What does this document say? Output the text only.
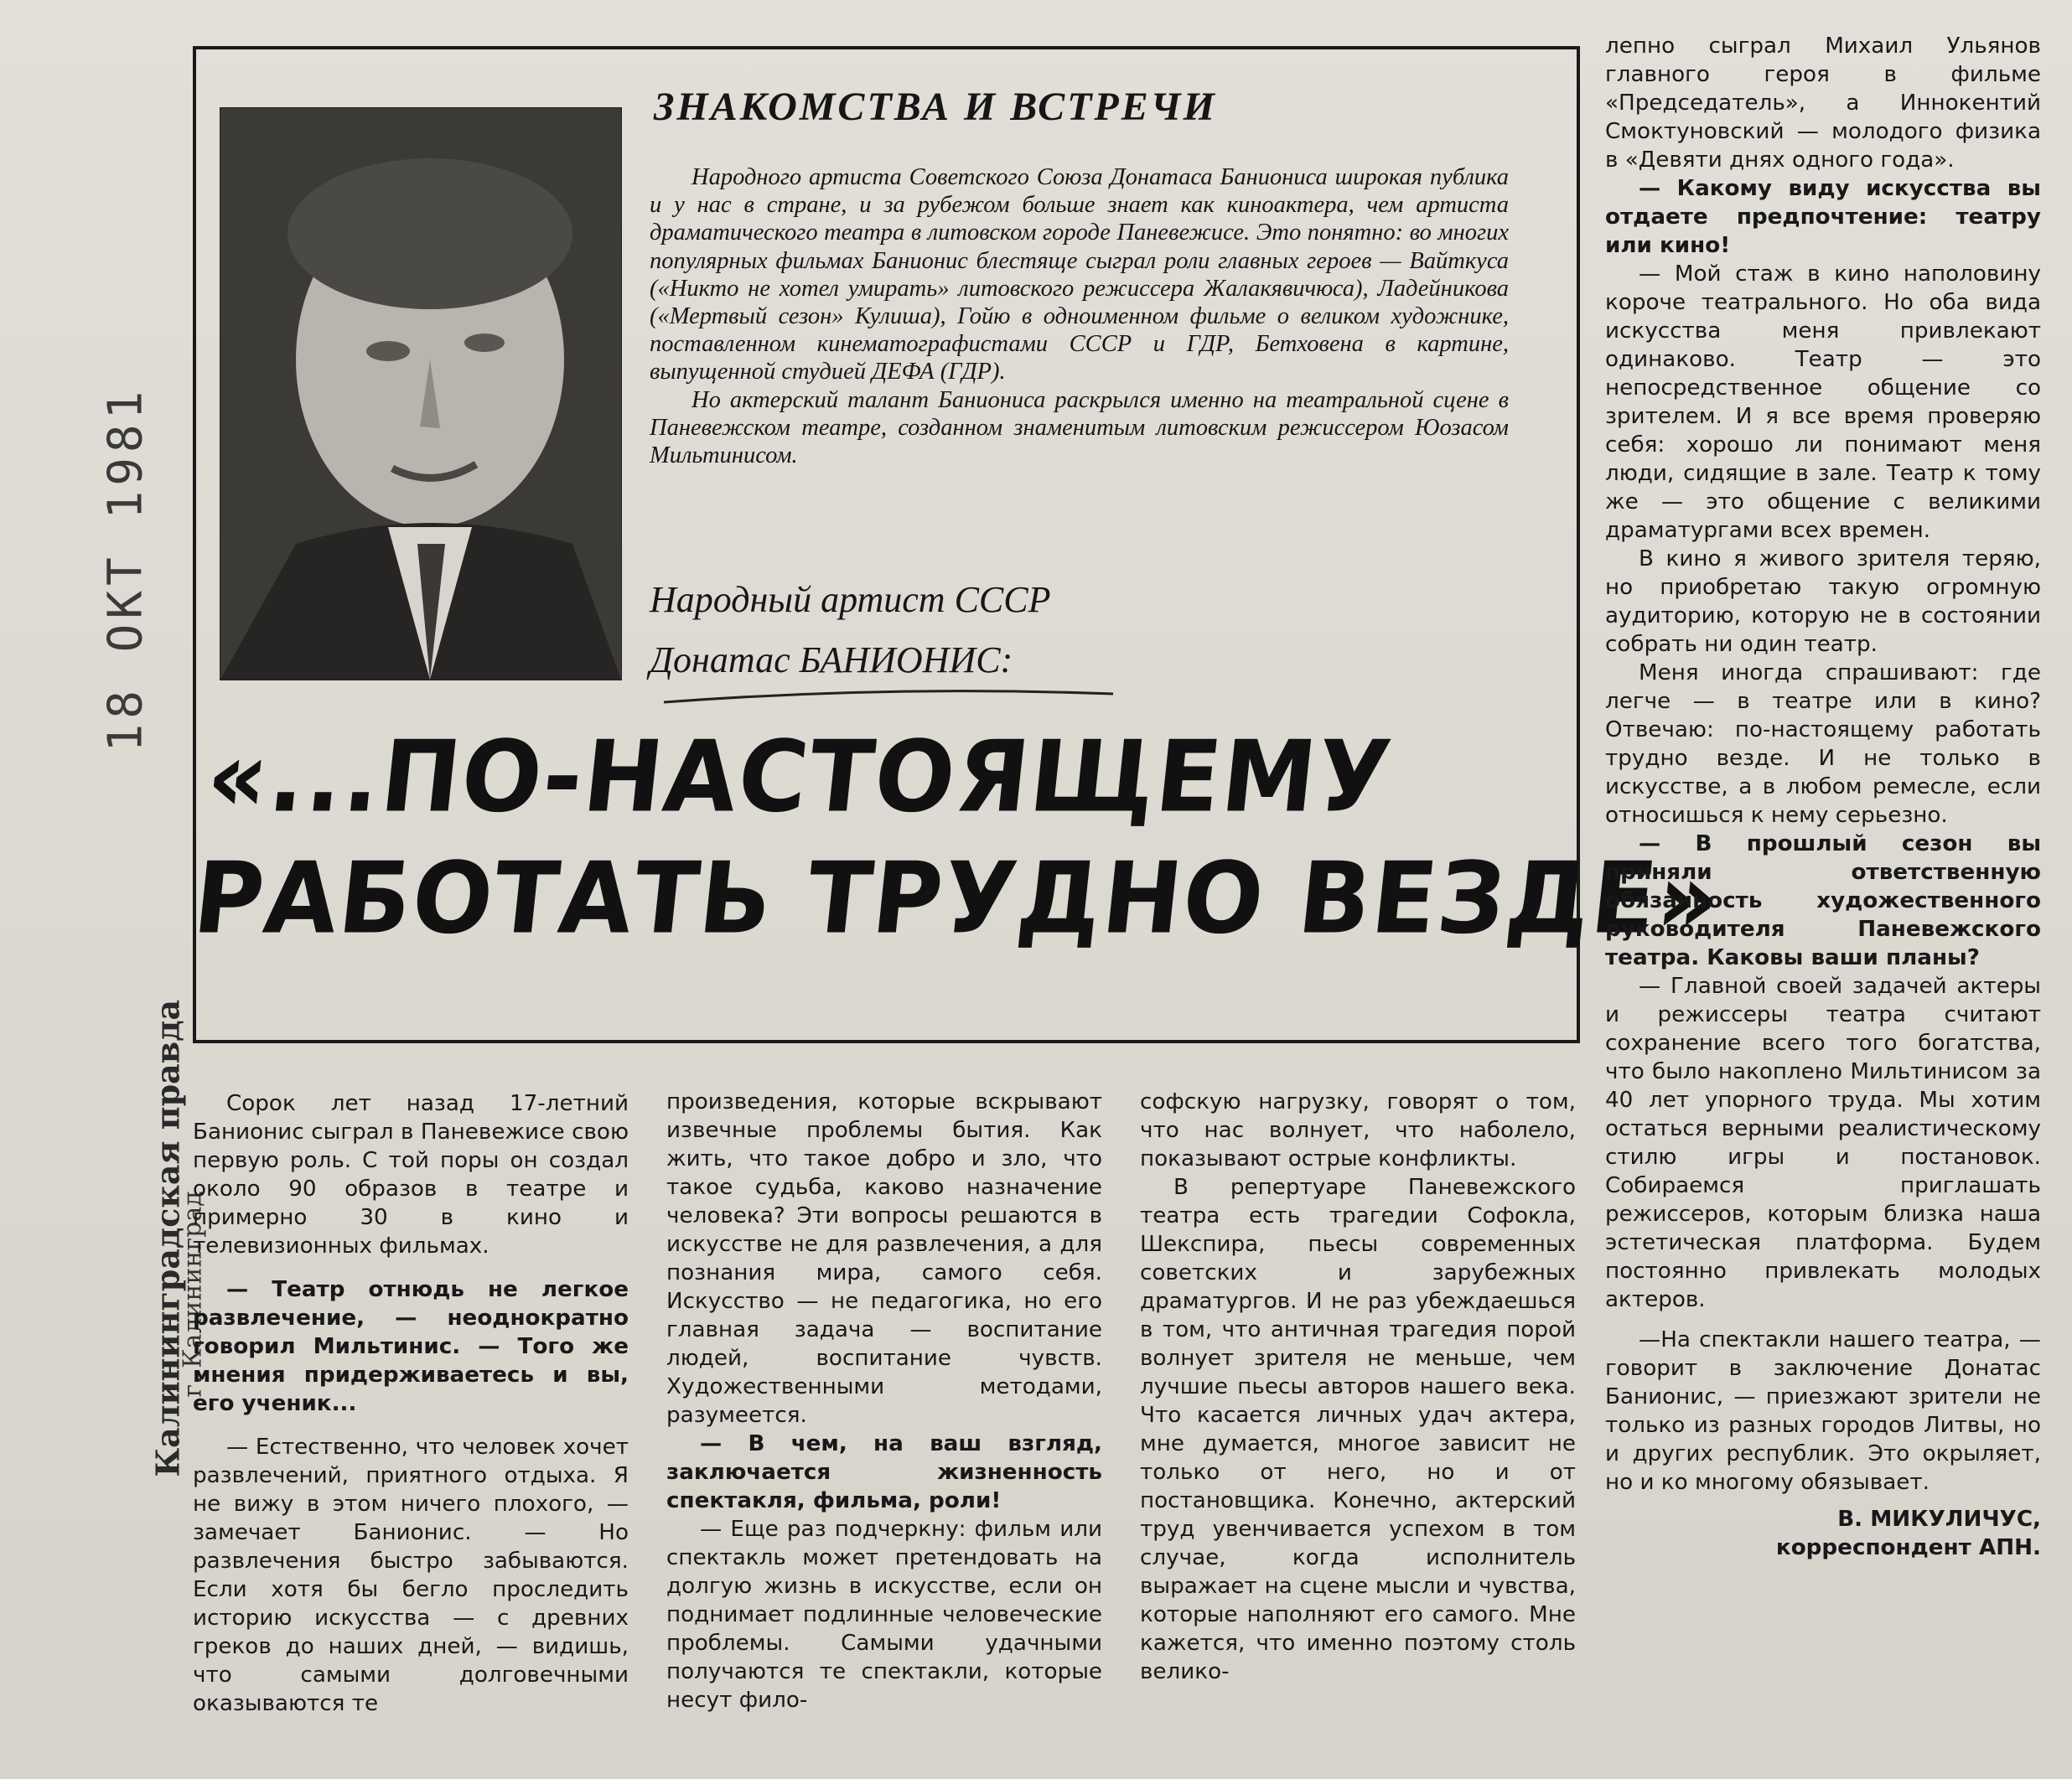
18 ОКТ 1981
Калининградская правда
г. Калининград
ЗНАКОМСТВА И ВСТРЕЧИ

Народного артиста Советского Союза Донатаса Баниониса широкая публика и у нас в стране, и за рубежом больше знает как киноактера, чем артиста драматического театра в литовском городе Паневежисе. Это понятно: во многих популярных фильмах Банионис блестяще сыграл роли главных героев — Вайткуса («Никто не хотел умирать» литовского режиссера Жалакявичюса), Ладейникова («Мертвый сезон» Кулиша), Гойю в одноименном фильме о великом художнике, поставленном кинематографистами СССР и ГДР, Бетховена в картине, выпущенной студией ДЕФА (ГДР).

Но актерский талант Баниониса раскрылся именно на театральной сцене в Паневежском театре, созданном знаменитым литовским режиссером Юозасом Мильтинисом.

Народный артист СССР
Донатас БАНИОНИС:
«...ПО-НАСТОЯЩЕМУ
РАБОТАТЬ ТРУДНО ВЕЗДЕ»

Сорок лет назад 17-летний Банионис сыграл в Паневежисе свою первую роль. С той поры он создал около 90 образов в театре и примерно 30 в кино и телевизионных фильмах.

— Театр отнюдь не легкое развлечение, — неоднократно говорил Мильтинис. — Того же мнения придерживаетесь и вы, его ученик...

— Естественно, что человек хочет развлечений, приятного отдыха. Я не вижу в этом ничего плохого, — замечает Банионис. — Но развлечения быстро забываются. Если хотя бы бегло проследить историю искусства — с древних греков до наших дней, — видишь, что самыми долговечными оказываются те

произведения, которые вскрывают извечные проблемы бытия. Как жить, что такое добро и зло, что такое судьба, каково назначение человека? Эти вопросы решаются в искусстве не для развлечения, а для познания мира, самого себя. Искусство — не педагогика, но его главная задача — воспитание людей, воспитание чувств. Художественными методами, разумеется.

— В чем, на ваш взгляд, заключается жизненность спектакля, фильма, роли!

— Еще раз подчеркну: фильм или спектакль может претендовать на долгую жизнь в искусстве, если он поднимает подлинные человеческие проблемы. Самыми удачными получаются те спектакли, которые несут фило-

софскую нагрузку, говорят о том, что нас волнует, что наболело, показывают острые конфликты.

В репертуаре Паневежского театра есть трагедии Софокла, Шекспира, пьесы современных советских и зарубежных драматургов. И не раз убеждаешься в том, что античная трагедия порой волнует зрителя не меньше, чем лучшие пьесы авторов нашего века. Что касается личных удач актера, мне думается, многое зависит не только от него, но и от постановщика. Конечно, актерский труд увенчивается успехом в том случае, когда исполнитель выражает на сцене мысли и чувства, которые наполняют его самого. Мне кажется, что именно поэтому столь велико-

лепно сыграл Михаил Ульянов главного героя в фильме «Председатель», а Иннокентий Смоктуновский — молодого физика в «Девяти днях одного года».

— Какому виду искусства вы отдаете предпочтение: театру или кино!

— Мой стаж в кино наполовину короче театрального. Но оба вида искусства меня привлекают одинаково. Театр — это непосредственное общение со зрителем. И я все время проверяю себя: хорошо ли понимают меня люди, сидящие в зале. Театр к тому же — это общение с великими драматургами всех времен.

В кино я живого зрителя теряю, но приобретаю такую огромную аудиторию, которую не в состоянии собрать ни один театр.

Меня иногда спрашивают: где легче — в театре или в кино? Отвечаю: по-настоящему работать трудно везде. И не только в искусстве, а в любом ремесле, если относишься к нему серьезно.

— В прошлый сезон вы приняли ответственную обязанность художественного руководителя Паневежского театра. Каковы ваши планы?

— Главной своей задачей актеры и режиссеры театра считают сохранение всего того богатства, что было накоплено Мильтинисом за 40 лет упорного труда. Мы хотим остаться верными реалистическому стилю игры и постановок. Собираемся приглашать режиссеров, которым близка наша эстетическая платформа. Будем постоянно привлекать молодых актеров.

—На спектакли нашего театра, — говорит в заключение Донатас Банионис, — приезжают зрители не только из разных городов Литвы, но и других республик. Это окрыляет, но и ко многому обязывает.

В. МИКУЛИЧУС,
корреспондент АПН.
